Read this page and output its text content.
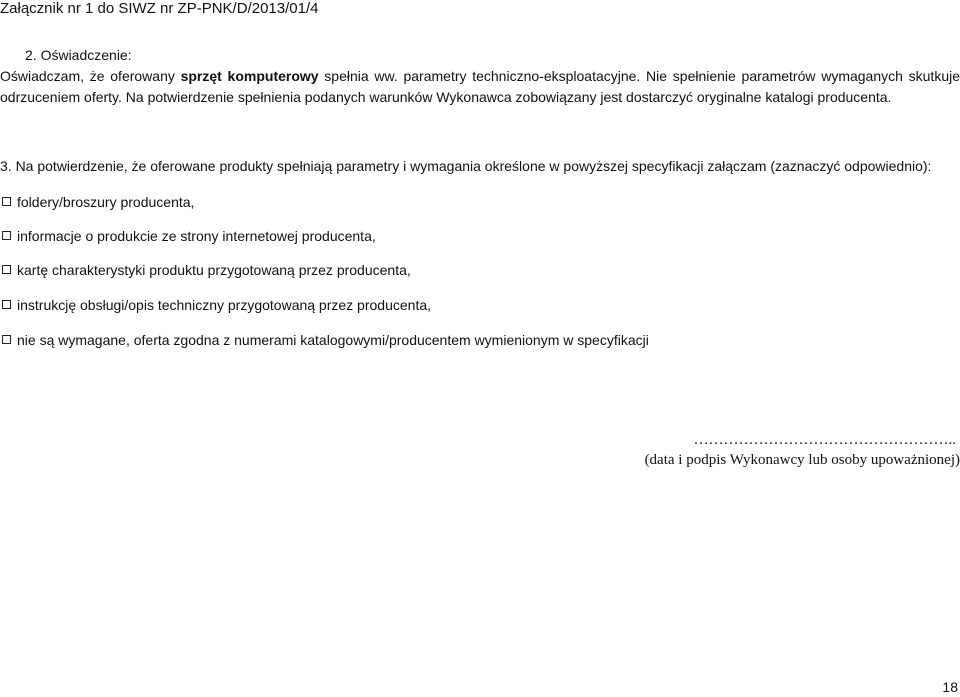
Załącznik nr 1 do SIWZ nr ZP-PNK/D/2013/01/4
2. Oświadczenie:
Oświadczam, że oferowany sprzęt komputerowy spełnia ww. parametry techniczno-eksploatacyjne. Nie spełnienie parametrów wymaganych skutkuje
odrzuceniem oferty. Na potwierdzenie spełnienia podanych warunków Wykonawca zobowiązany jest dostarczyć oryginalne katalogi producenta.
3. Na potwierdzenie, że oferowane produkty spełniają parametry i wymagania określone w powyższej specyfikacji załączam (zaznaczyć odpowiednio):
foldery/broszury producenta,
informacje o produkcie ze strony internetowej producenta,
kartę charakterystyki produktu przygotowaną przez producenta,
instrukcję obsługi/opis techniczny przygotowaną przez producenta,
nie są wymagane, oferta zgodna z numerami katalogowymi/producentem wymienionym w specyfikacji
……………………………………………..
(data i podpis Wykonawcy lub osoby upoważnionej)
18
